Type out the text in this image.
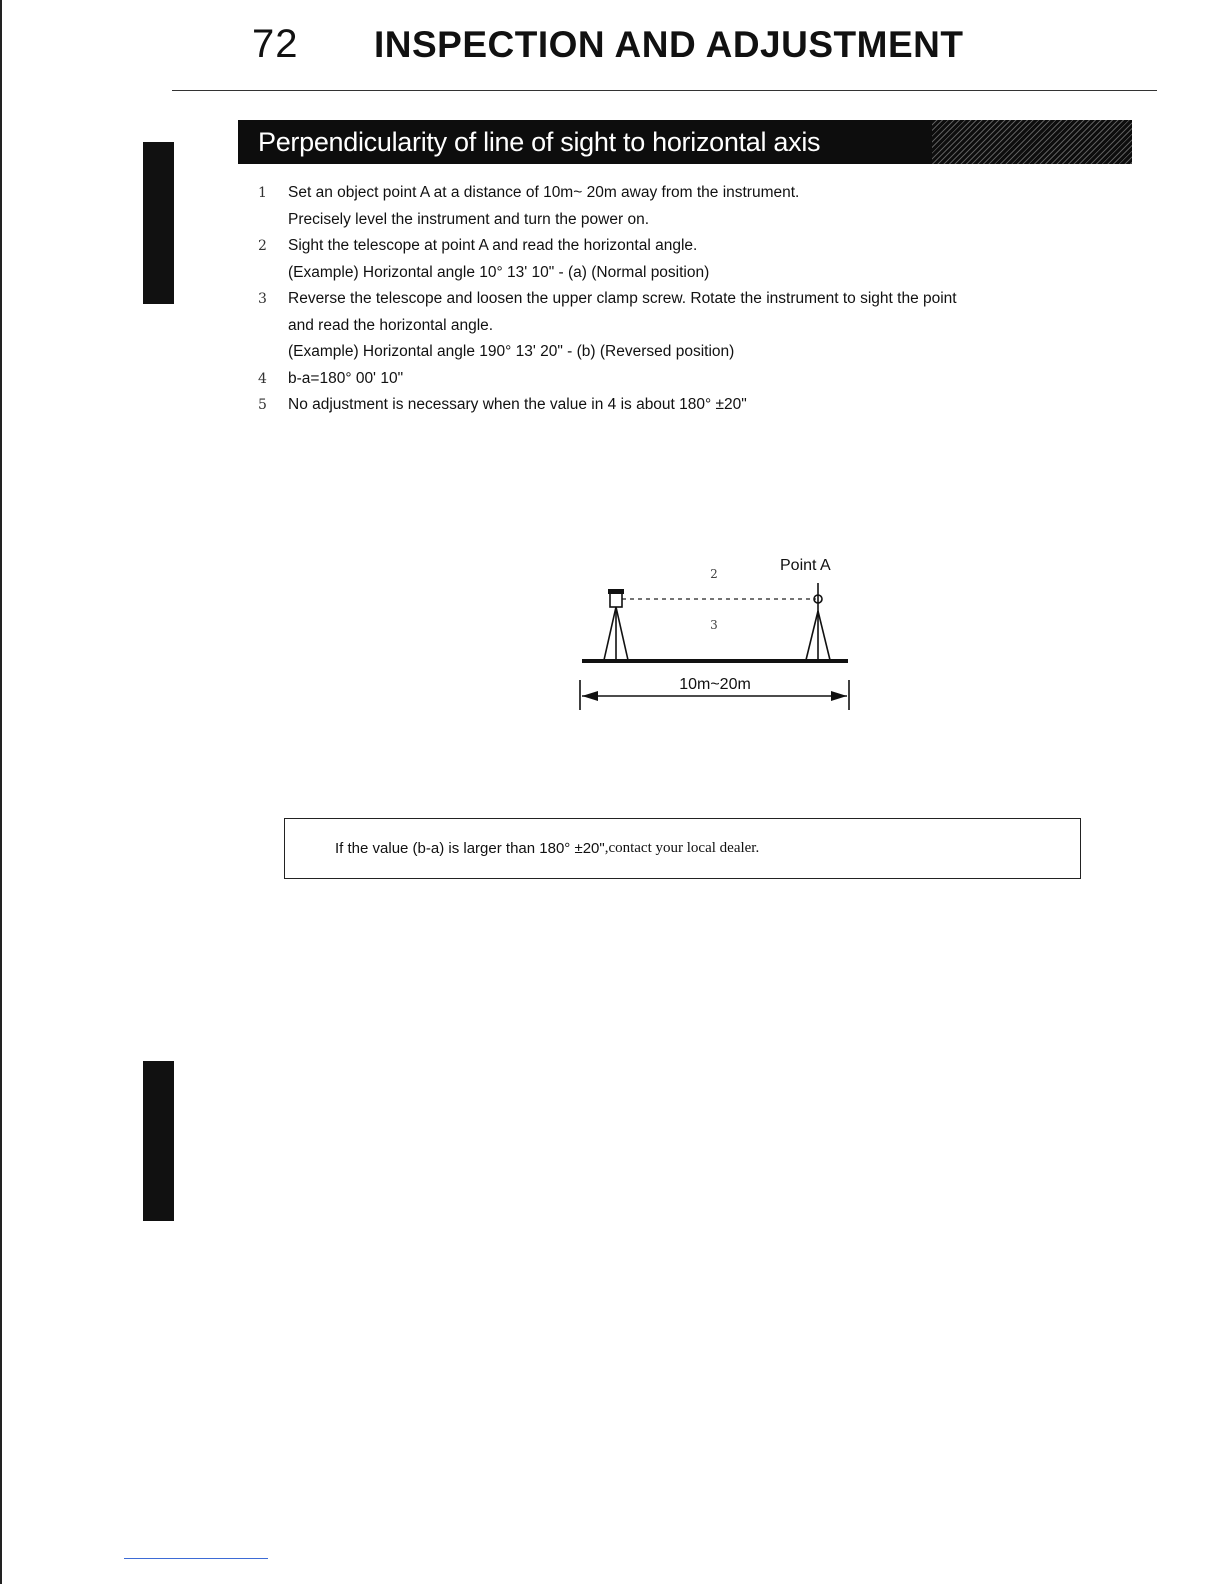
72	INSPECTION AND ADJUSTMENT
Perpendicularity of line of sight to horizontal axis
1	Set an object point A at a distance of 10m~ 20m away from the instrument.
Precisely level the instrument and turn the power on.
2	Sight the telescope at point A and read the horizontal angle.
(Example) Horizontal angle 10° 13' 10" - (a) (Normal position)
3	Reverse the telescope and loosen the upper clamp screw. Rotate the instrument to sight the point
and read the horizontal angle.
(Example) Horizontal angle 190° 13' 20" - (b) (Reversed position)
4	b-a=180° 00' 10"
5	No adjustment is necessary when the value in 4 is about 180° ±20"
Point A
2
3
10m~20m
If the value (b-a) is larger than 180° ±20" ,contact your local dealer.
